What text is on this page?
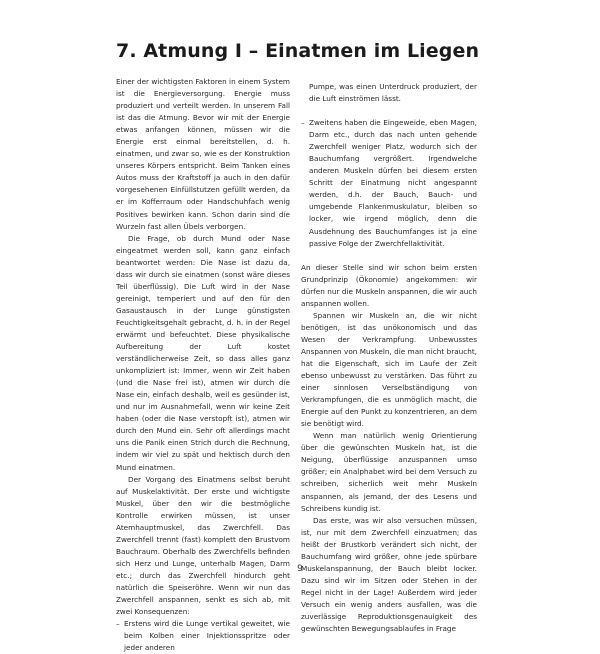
7. Atmung I – Einatmen im Liegen

Einer der wichtigsten Faktoren in einem System ist die Energieversorgung. Energie muss produziert und verteilt werden. In unserem Fall ist das die Atmung. Bevor wir mit der Energie etwas anfangen können, müssen wir die Energie erst einmal bereitstellen, d. h. einatmen, und zwar so, wie es der Konstruktion unseres Körpers entspricht. Beim Tanken eines Autos muss der Kraftstoff ja auch in den dafür vorgesehenen Einfüllstutzen gefüllt werden, da er im Kofferraum oder Handschuhfach wenig Positives bewirken kann. Schon darin sind die Wurzeln fast allen Übels verborgen.

Die Frage, ob durch Mund oder Nase eingeatmet werden soll, kann ganz einfach beantwortet werden: Die Nase ist dazu da, dass wir durch sie einatmen (sonst wäre dieses Teil überflüssig). Die Luft wird in der Nase gereinigt, temperiert und auf den für den Gasaustausch in der Lunge günstigsten Feuchtigkeitsgehalt gebracht, d. h. in der Regel erwärmt und befeuchtet. Diese physikalische Aufbereitung der Luft kostet verständlicherweise Zeit, so dass alles ganz unkompliziert ist: Immer, wenn wir Zeit haben (und die Nase frei ist), atmen wir durch die Nase ein, einfach deshalb, weil es gesünder ist, und nur im Ausnahmefall, wenn wir keine Zeit haben (oder die Nase verstopft ist), atmen wir durch den Mund ein. Sehr oft allerdings macht uns die Panik einen Strich durch die Rechnung, indem wir viel zu spät und hektisch durch den Mund einatmen.

Der Vorgang des Einatmens selbst beruht auf Muskelaktivität. Der erste und wichtigste Muskel, über den wir die bestmögliche Kontrolle erwirken müssen, ist unser Atemhauptmuskel, das Zwerchfell. Das Zwerchfell trennt (fast) komplett den Brustvom Bauchraum. Oberhalb des Zwerchfells befinden sich Herz und Lunge, unterhalb Magen, Darm etc.; durch das Zwerchfell hindurch geht natürlich die Speiseröhre. Wenn wir nun das Zwerchfell anspannen, senkt es sich ab, mit zwei Konsequenzen:

– Erstens wird die Lunge vertikal geweitet, wie beim Kolben einer Injektionsspritze oder jeder anderen

Pumpe, was einen Unterdruck produziert, der die Luft einströmen lässt.

– Zweitens haben die Eingeweide, eben Magen, Darm etc., durch das nach unten gehende Zwerchfell weniger Platz, wodurch sich der Bauchumfang vergrößert. Irgendwelche anderen Muskeln dürfen bei diesem ersten Schritt der Einatmung nicht angespannt werden, d.h. der Bauch, Bauch- und umgebende Flankenmuskulatur, bleiben so locker, wie irgend möglich, denn die Ausdehnung des Bauchumfanges ist ja eine passive Folge der Zwerchfellaktivität.

An dieser Stelle sind wir schon beim ersten Grundprinzip (Ökonomie) angekommen: wir dürfen nur die Muskeln anspannen, die wir auch anspannen wollen.

Spannen wir Muskeln an, die wir nicht benötigen, ist das unökonomisch und das Wesen der Verkrampfung. Unbewusstes Anspannen von Muskeln, die man nicht braucht, hat die Eigenschaft, sich im Laufe der Zeit ebenso unbewusst zu verstärken. Das führt zu einer sinnlosen Verselbständigung von Verkrampfungen, die es unmöglich macht, die Energie auf den Punkt zu konzentrieren, an dem sie benötigt wird.

Wenn man natürlich wenig Orientierung über die gewünschten Muskeln hat, ist die Neigung, überflüssige anzuspannen umso größer; ein Analphabet wird bei dem Versuch zu schreiben, sicherlich weit mehr Muskeln anspannen, als jemand, der des Lesens und Schreibens kundig ist.

Das erste, was wir also versuchen müssen, ist, nur mit dem Zwerchfell einzuatmen; das heißt der Brustkorb verändert sich nicht, der Bauchumfang wird größer, ohne jede spürbare Muskelanspannung, der Bauch bleibt locker. Dazu sind wir im Sitzen oder Stehen in der Regel nicht in der Lage! Außerdem wird jeder Versuch ein wenig anders ausfallen, was die zuverlässige Reproduktionsgenauigkeit des gewünschten Bewegungsablaufes in Frage

9
